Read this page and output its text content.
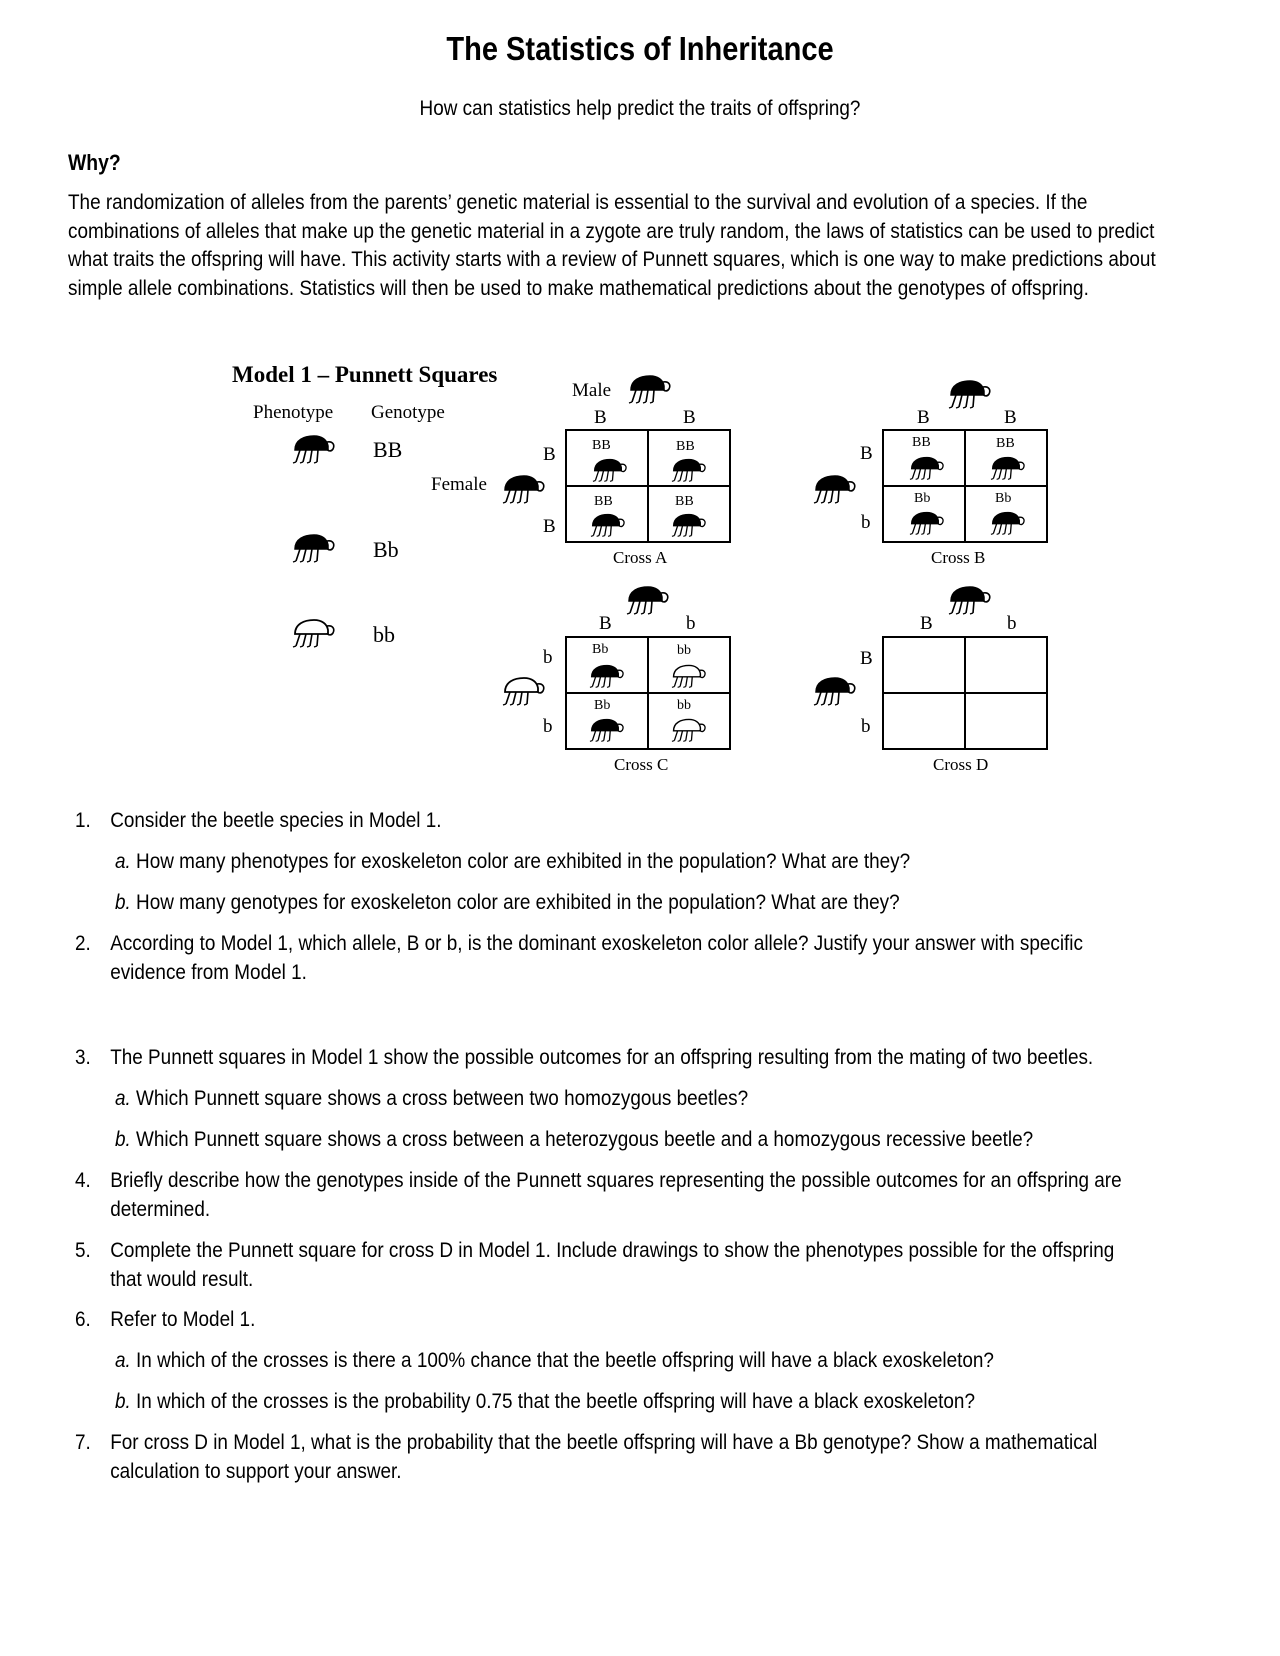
The Statistics of Inheritance
How can statistics help predict the traits of offspring?
Why?

The randomization of alleles from the parents’ genetic material is essential to the survival and evolution of a species. If the combinations of alleles that make up the genetic material in a zygote are truly random, the laws of statistics can be used to predict what traits the offspring will have. This activity starts with a review of Punnett squares, which is one way to make predictions about simple allele combinations. Statistics will then be used to make mathematical predictions about the genotypes of offspring.

Model 1 – Punnett Squares
Phenotype Genotype
BB
Bb
bb
Male
Female
B	B
B
B
BB	BB
BB	BB
Cross A
B	B
B
b
BB	BB
Bb	Bb
Cross B
B	b
b
b
Bb	bb
Bb	bb
Cross C
B	b
B
b
Cross D
1. Consider the beetle species in Model 1.
a. How many phenotypes for exoskeleton color are exhibited in the population? What are they?
b. How many genotypes for exoskeleton color are exhibited in the population? What are they?
2. According to Model 1, which allele, B or b, is the dominant exoskeleton color allele? Justify your answer with specific
evidence from Model 1.
3. The Punnett squares in Model 1 show the possible outcomes for an offspring resulting from the mating of two beetles.
a. Which Punnett square shows a cross between two homozygous beetles?
b. Which Punnett square shows a cross between a heterozygous beetle and a homozygous recessive beetle?
4. Briefly describe how the genotypes inside of the Punnett squares representing the possible outcomes for an offspring are
determined.
5. Complete the Punnett square for cross D in Model 1. Include drawings to show the phenotypes possible for the offspring
that would result.
6. Refer to Model 1.
a. In which of the crosses is there a 100% chance that the beetle offspring will have a black exoskeleton?
b. In which of the crosses is the probability 0.75 that the beetle offspring will have a black exoskeleton?
7. For cross D in Model 1, what is the probability that the beetle offspring will have a Bb genotype? Show a mathematical
calculation to support your answer.
